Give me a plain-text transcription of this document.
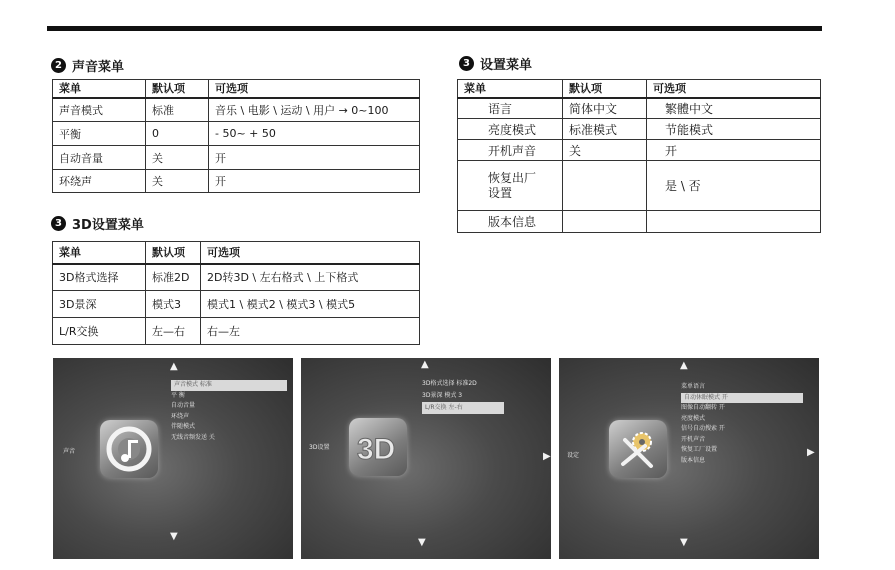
2 声音菜单
菜单	默认项	可选项
声音模式	标准	音乐 \ 电影 \ 运动 \ 用户 → 0~100
平衡	0	- 50~ + 50
自动音量	关	开
环绕声	关	开
3 3D设置菜单
菜单	默认项	可选项
3D格式选择	标准2D	2D转3D \ 左右格式 \ 上下格式
3D景深	模式3	模式1 \ 模式2 \ 模式3 \ 模式5
L/R交换	左—右	右—左
3 设置菜单
菜单	默认项	可选项
语言	简体中文	繁體中文
亮度模式	标准模式	节能模式
开机声音	关	开
恢复出厂
设置		是 \ 否
版本信息		
声音
▲
声音模式 标准
平 衡
自动音量
环绕声
伴随模式
无线音频发送 关
▼
3D设置 3D
▲
3D格式选择 标准2D
3D景深 模式 3
L/R交换 左-右
▶
▼
设定
▲
菜单语言
自动休眠模式 开
图像自动翻转 开
亮度模式
信号自动搜索 开
开机声音
恢复工厂设置
版本信息
▶
▼
